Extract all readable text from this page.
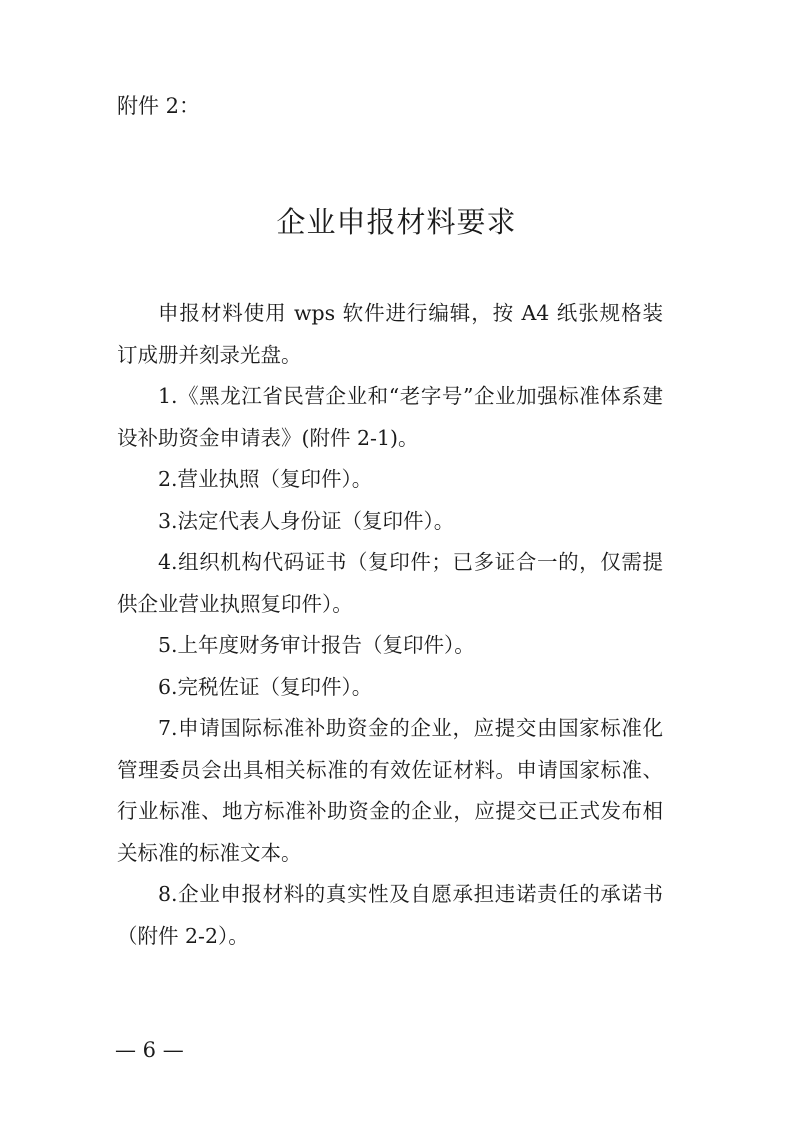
附件 2：
企业申报材料要求

申报材料使用 wps 软件进行编辑，按 A4 纸张规格装订成册并刻录光盘。

1.《黑龙江省民营企业和“老字号”企业加强标准体系建设补助资金申请表》(附件 2-1)。

2.营业执照（复印件）。

3.法定代表人身份证（复印件）。

4.组织机构代码证书（复印件；已多证合一的，仅需提供企业营业执照复印件）。

5.上年度财务审计报告（复印件）。

6.完税佐证（复印件）。

7.申请国际标准补助资金的企业，应提交由国家标准化管理委员会出具相关标准的有效佐证材料。申请国家标准、行业标准、地方标准补助资金的企业，应提交已正式发布相关标准的标准文本。

8.企业申报材料的真实性及自愿承担违诺责任的承诺书（附件 2-2）。

— 6 —
